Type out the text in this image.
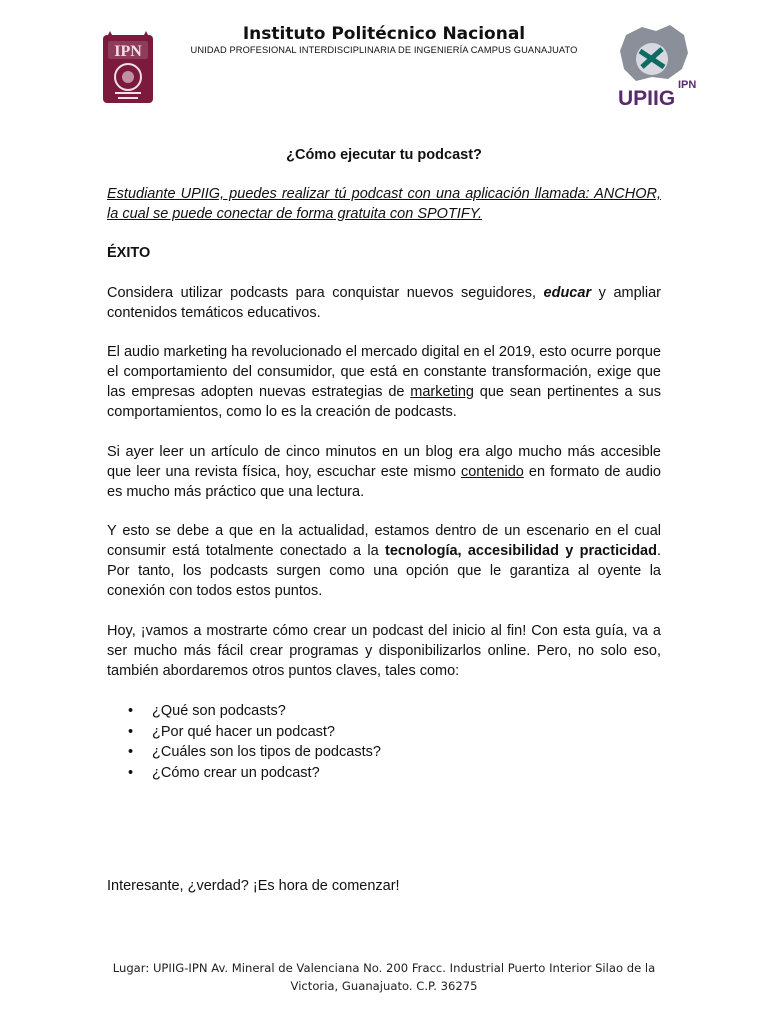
IPN
IPN
UPIIG
Instituto Politécnico Nacional
UNIDAD PROFESIONAL INTERDISCIPLINARIA DE INGENIERÍA CAMPUS GUANAJUATO
¿Cómo ejecutar tu podcast?
Estudiante UPIIG, puedes realizar tú podcast con una aplicación llamada: ANCHOR, la cual se puede conectar de forma gratuita con SPOTIFY.
ÉXITO
Considera utilizar podcasts para conquistar nuevos seguidores, educar y ampliar contenidos temáticos educativos.
El audio marketing ha revolucionado el mercado digital en el 2019, esto ocurre porque el comportamiento del consumidor, que está en constante transformación, exige que las empresas adopten nuevas estrategias de marketing que sean pertinentes a sus comportamientos, como lo es la creación de podcasts.
Si ayer leer un artículo de cinco minutos en un blog era algo mucho más accesible que leer una revista física, hoy, escuchar este mismo contenido en formato de audio es mucho más práctico que una lectura.
Y esto se debe a que en la actualidad, estamos dentro de un escenario en el cual consumir está totalmente conectado a la tecnología, accesibilidad y practicidad. Por tanto, los podcasts surgen como una opción que le garantiza al oyente la conexión con todos estos puntos.
Hoy, ¡vamos a mostrarte cómo crear un podcast del inicio al fin! Con esta guía, va a ser mucho más fácil crear programas y disponibilizarlos online. Pero, no solo eso, también abordaremos otros puntos claves, tales como:
• ¿Qué son podcasts?
• ¿Por qué hacer un podcast?
• ¿Cuáles son los tipos de podcasts?
• ¿Cómo crear un podcast?
Interesante, ¿verdad? ¡Es hora de comenzar!
Lugar: UPIIG-IPN Av. Mineral de Valenciana No. 200 Fracc. Industrial Puerto Interior Silao de la Victoria, Guanajuato. C.P. 36275
